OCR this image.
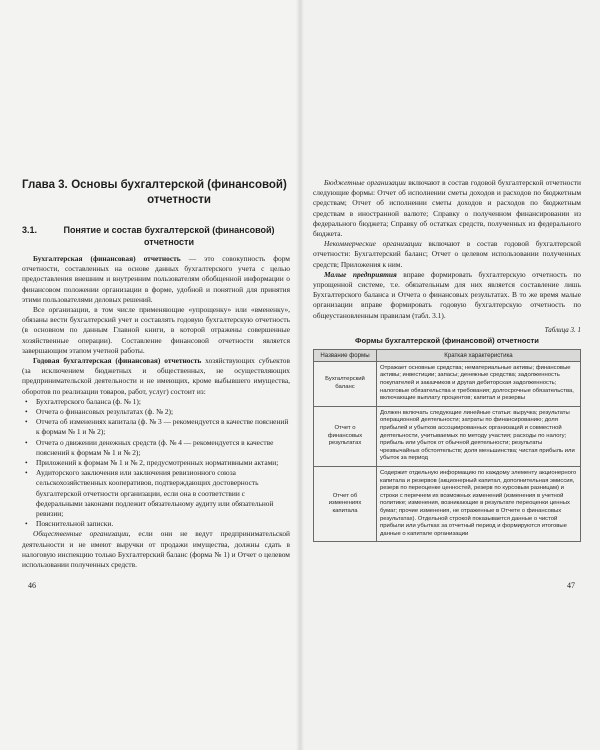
Глава 3. Основы бухгалтерской (финансовой) отчетности
3.1.	Понятие и состав бухгалтерской (финансовой) отчетности

Бухгалтерская (финансовая) отчетность — это совокупность форм отчетности, составленных на основе данных бухгалтерского учета с целью предоставления внешним и внутренним пользователям обобщенной информации о финансовом положении организации в форме, удобной и понятной для принятия этими пользователями деловых решений.

Все организации, в том числе применяющие «упрощенку» или «вмененку», обязаны вести бухгалтерский учет и составлять годовую бухгалтерскую отчетность (в основном по данным Главной книги, в которой отражены совершенные хозяйственные операции). Составление финансовой отчетности является завершающим этапом учетной работы.

Годовая бухгалтерская (финансовая) отчетность хозяйствующих субъектов (за исключением бюджетных и общественных, не осуществляющих предпринимательской деятельности и не имеющих, кроме выбывшего имущества, оборотов по реализации товаров, работ, услуг) состоит из:

• Бухгалтерского баланса (ф. № 1);
• Отчета о финансовых результатах (ф. № 2);
• Отчета об изменениях капитала (ф. № 3 — рекомендуется в качестве пояснений к формам № 1 и № 2);
• Отчета о движении денежных средств (ф. № 4 — рекомендуется в качестве пояснений к формам № 1 и № 2);
• Приложений к формам № 1 и № 2, предусмотренных нормативными актами;
• Аудиторского заключения или заключения ревизионного союза сельскохозяйственных кооперативов, подтверждающих достоверность бухгалтерской отчетности организации, если она в соответствии с федеральными законами подлежит обязательному аудиту или обязательной ревизии;
• Пояснительной записки.

Общественные организации, если они не ведут предпринимательской деятельности и не имеют выручки от продажи имущества, должны сдать в налоговую инспекцию только Бухгалтерский баланс (форма № 1) и Отчет о целевом использовании полученных средств.

46

Бюджетные организации включают в состав годовой бухгалтерской отчетности следующие формы: Отчет об исполнении сметы доходов и расходов по бюджетным средствам; Отчет об исполнении сметы доходов и расходов по бюджетным средствам в иностранной валюте; Справку о полученном финансировании из федерального бюджета; Справку об остатках средств, полученных из федерального бюджета.

Некоммерческие организации включают в состав годовой бухгалтерской отчетности: Бухгалтерский баланс; Отчет о целевом использовании полученных средств; Приложения к ним.

Малые предприятия вправе формировать бухгалтерскую отчетность по упрощенной системе, т.е. обязательным для них является составление лишь Бухгалтерского баланса и Отчета о финансовых результатах. В то же время малые организации вправе формировать годовую бухгалтерскую отчетность по общеустановленным правилам (табл. 3.1).

Таблица 3. 1
Формы бухгалтерской (финансовой) отчетности
Название формы	Краткая характеристика
Бухгалтерский баланс	Отражает основные средства; нематериальные активы; финансовые активы; инвестиции; запасы; денежные средства; задолженность покупателей и заказчиков и другая дебиторская задолженность; налоговые обязательства и требования; долгосрочные обязательства, включающие выплату процентов; капитал и резервы
Отчет о финансовых результатах	Должен включать следующие линейные статьи: выручка; результаты операционной деятельности; затраты по финансированию; доля прибылей и убытков ассоциированных организаций и совместной деятельности, учитываемых по методу участия; расходы по налогу; прибыль или убыток от обычной деятельности; результаты чрезвычайных обстоятельств; доля меньшинства; чистая прибыль или убыток за период
Отчет об изменениях капитала	Содержит отдельную информацию по каждому элементу акционерного капитала и резервов (акционерный капитал, дополнительная эмиссия, резерв по переоценке ценностей, резерв по курсовым разницам) и строки с перечнем их возможных изменений (изменения в учетной политике; изменения, возникающие в результате переоценки ценных бумаг; прочие изменения, не отраженные в Отчете о финансовых результатах). Отдельной строкой показывается данные о чистой прибыли или убытках за отчетный период и формируются итоговые данные о капитале организации
47
